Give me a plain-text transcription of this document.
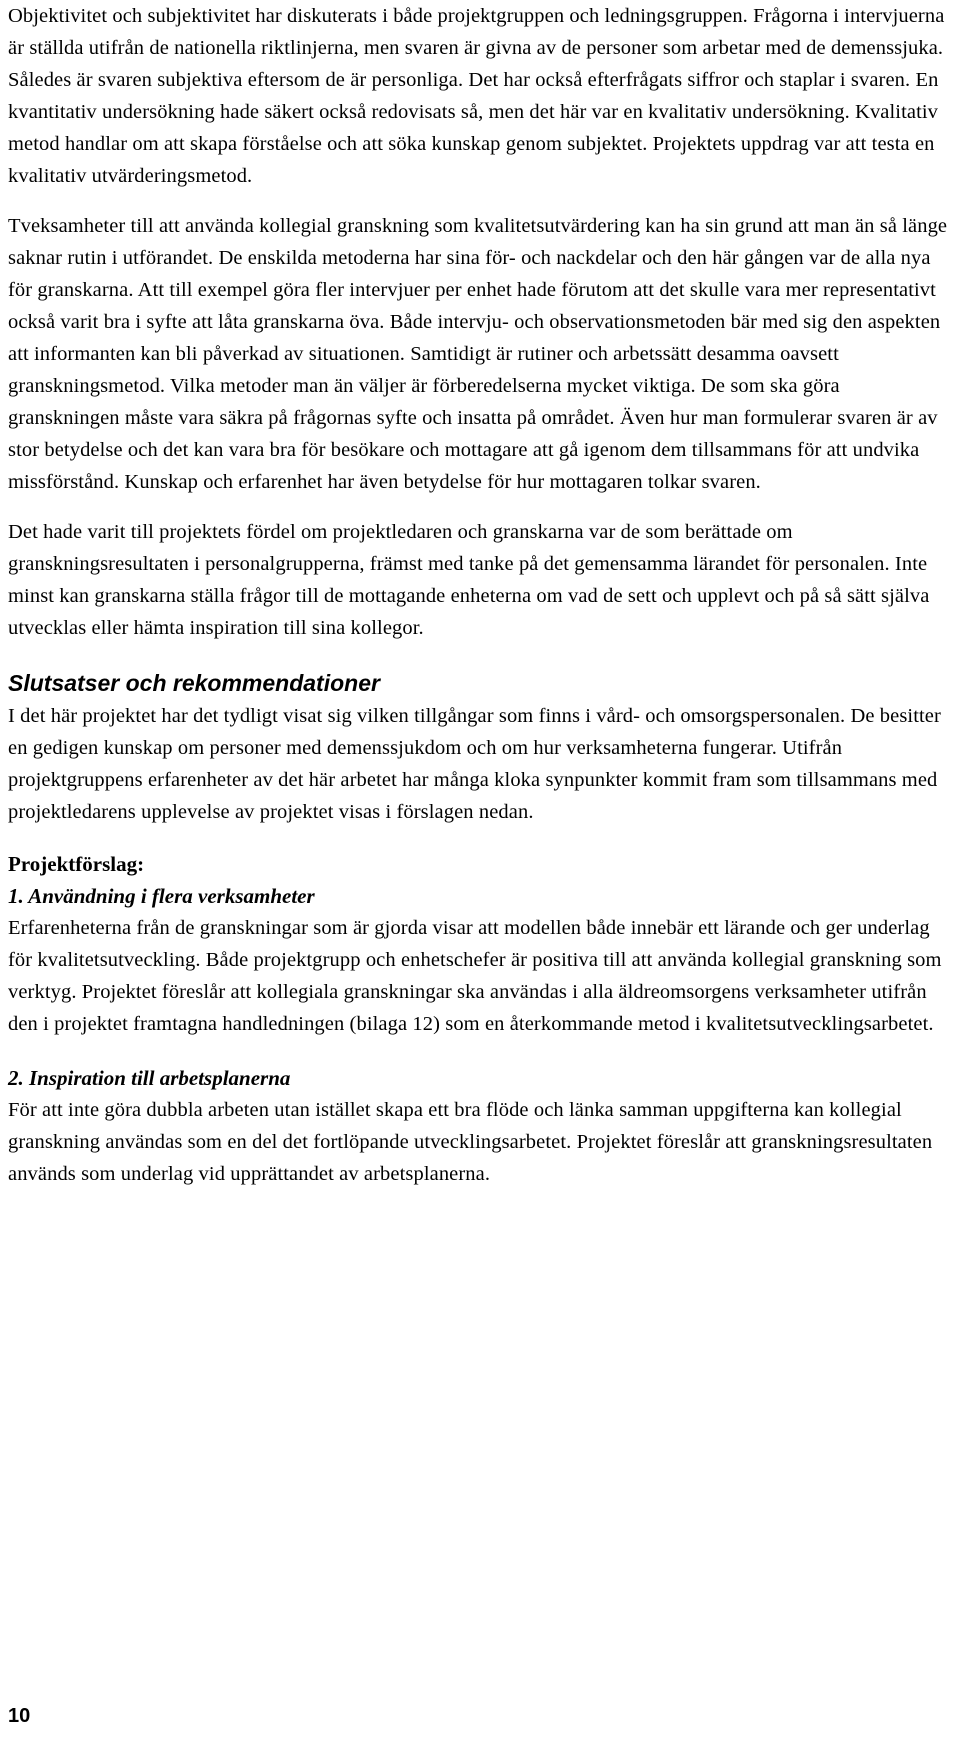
Objektivitet och subjektivitet har diskuterats i både projektgruppen och ledningsgruppen. Frågorna i intervjuerna är ställda utifrån de nationella riktlinjerna, men svaren är givna av de personer som arbetar med de demenssjuka. Således är svaren subjektiva eftersom de är personliga. Det har också efterfrågats siffror och staplar i svaren. En kvantitativ undersökning hade säkert också redovisats så, men det här var en kvalitativ undersökning. Kvalitativ metod handlar om att skapa förståelse och att söka kunskap genom subjektet. Projektets uppdrag var att testa en kvalitativ utvärderingsmetod.

Tveksamheter till att använda kollegial granskning som kvalitetsutvärdering kan ha sin grund att man än så länge saknar rutin i utförandet. De enskilda metoderna har sina för- och nackdelar och den här gången var de alla nya för granskarna. Att till exempel göra fler intervjuer per enhet hade förutom att det skulle vara mer representativt också varit bra i syfte att låta granskarna öva. Både intervju- och observationsmetoden bär med sig den aspekten att informanten kan bli påverkad av situationen. Samtidigt är rutiner och arbetssätt desamma oavsett granskningsmetod. Vilka metoder man än väljer är förberedelserna mycket viktiga. De som ska göra granskningen måste vara säkra på frågornas syfte och insatta på området. Även hur man formulerar svaren är av stor betydelse och det kan vara bra för besökare och mottagare att gå igenom dem tillsammans för att undvika missförstånd. Kunskap och erfarenhet har även betydelse för hur mottagaren tolkar svaren.

Det hade varit till projektets fördel om projektledaren och granskarna var de som berättade om granskningsresultaten i personalgrupperna, främst med tanke på det gemensamma lärandet för personalen. Inte minst kan granskarna ställa frågor till de mottagande enheterna om vad de sett och upplevt och på så sätt själva utvecklas eller hämta inspiration till sina kollegor.

Slutsatser och rekommendationer

I det här projektet har det tydligt visat sig vilken tillgångar som finns i vård- och omsorgspersonalen. De besitter en gedigen kunskap om personer med demenssjukdom och om hur verksamheterna fungerar. Utifrån projektgruppens erfarenheter av det här arbetet har många kloka synpunkter kommit fram som tillsammans med projektledarens upplevelse av projektet visas i förslagen nedan.

Projektförslag:
1. Användning i flera verksamheter

Erfarenheterna från de granskningar som är gjorda visar att modellen både innebär ett lärande och ger underlag för kvalitetsutveckling. Både projektgrupp och enhetschefer är positiva till att använda kollegial granskning som verktyg. Projektet föreslår att kollegiala granskningar ska användas i alla äldreomsorgens verksamheter utifrån den i projektet framtagna handledningen (bilaga 12) som en återkommande metod i kvalitetsutvecklingsarbetet.

2. Inspiration till arbetsplanerna

För att inte göra dubbla arbeten utan istället skapa ett bra flöde och länka samman uppgifterna kan kollegial granskning användas som en del det fortlöpande utvecklingsarbetet. Projektet föreslår att granskningsresultaten används som underlag vid upprättandet av arbetsplanerna.

10
